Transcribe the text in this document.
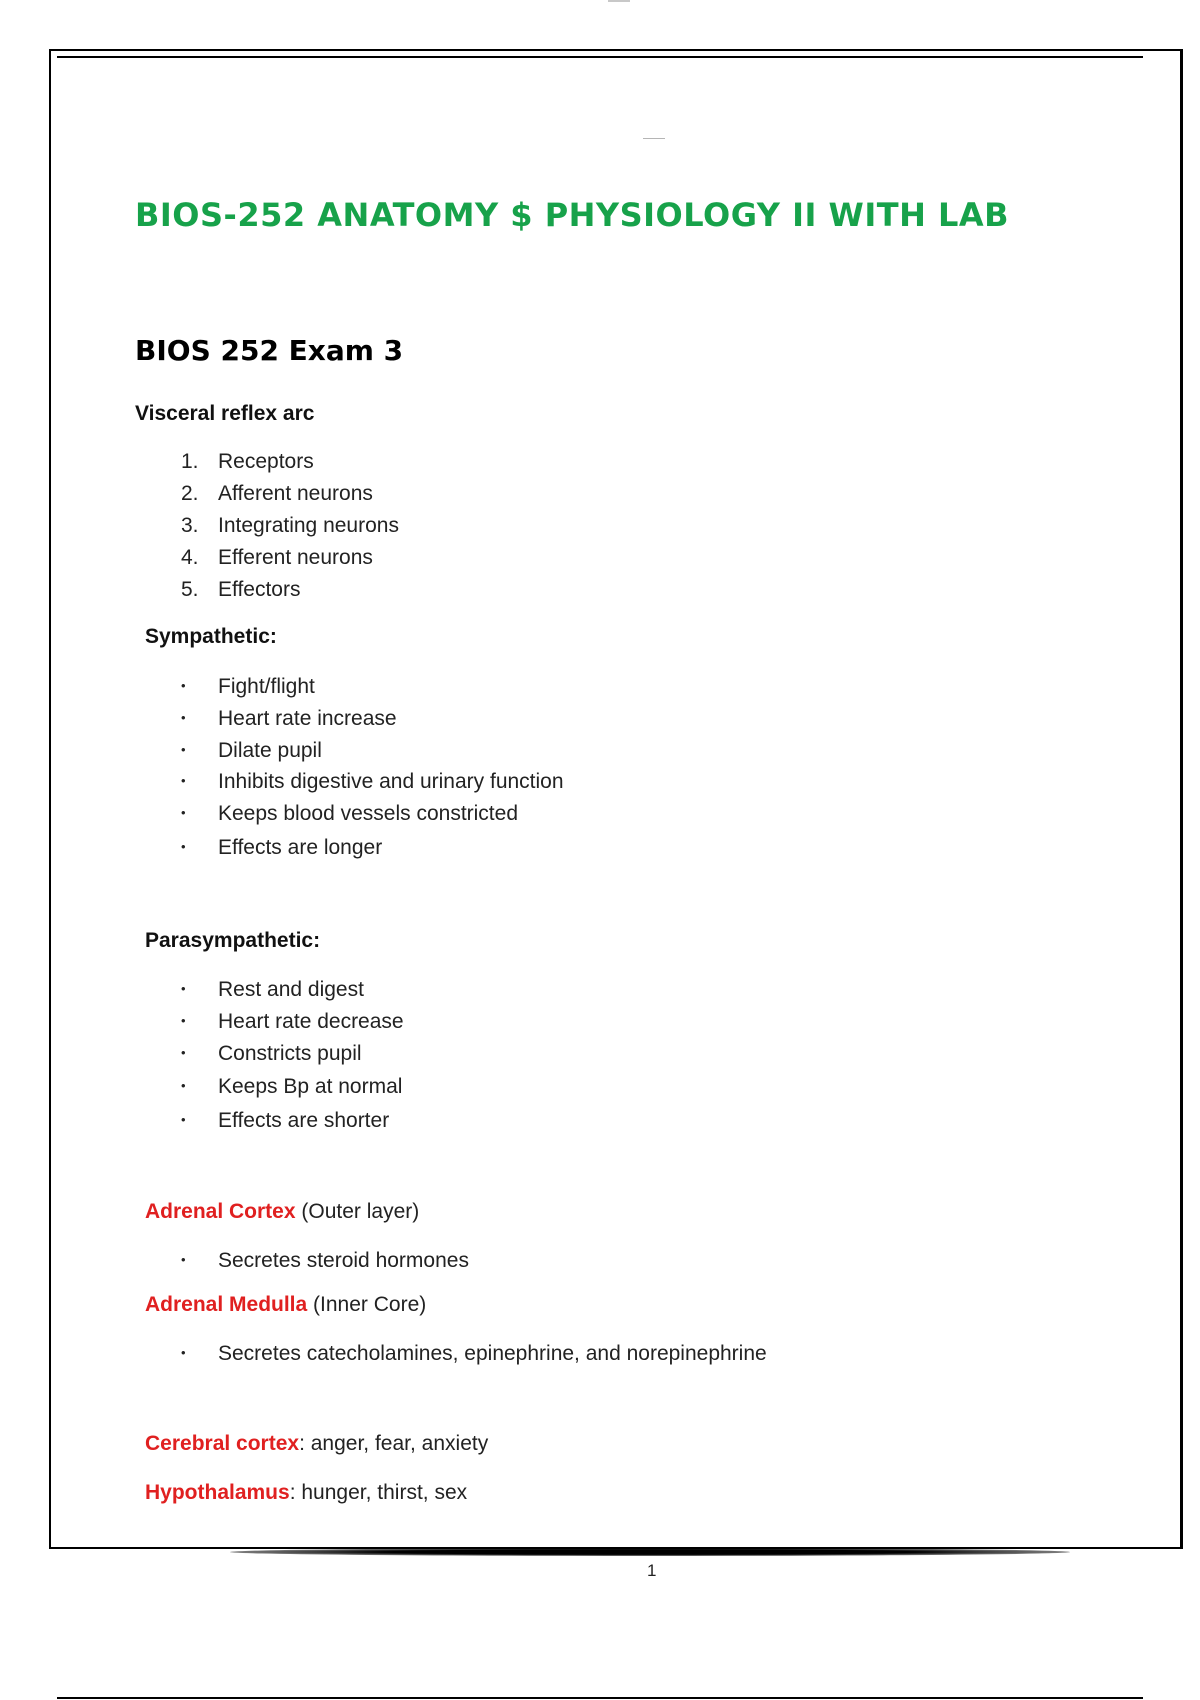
BIOS-252 ANATOMY $ PHYSIOLOGY II WITH LAB
BIOS 252 Exam 3
Visceral reflex arc
1. Receptors
2. Afferent neurons
3. Integrating neurons
4. Efferent neurons
5. Effectors
Sympathetic:
• Fight/flight
• Heart rate increase
• Dilate pupil
• Inhibits digestive and urinary function
• Keeps blood vessels constricted
• Effects are longer
Parasympathetic:
• Rest and digest
• Heart rate decrease
• Constricts pupil
• Keeps Bp at normal
• Effects are shorter
Adrenal Cortex (Outer layer)
• Secretes steroid hormones
Adrenal Medulla (Inner Core)
• Secretes catecholamines, epinephrine, and norepinephrine
Cerebral cortex: anger, fear, anxiety
Hypothalamus: hunger, thirst, sex
1
